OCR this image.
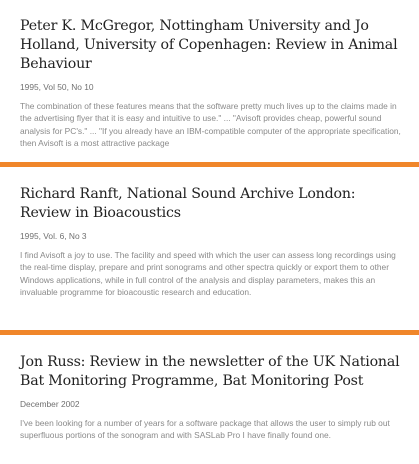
Peter K. McGregor, Nottingham University and Jo Holland, University of Copenhagen: Review in Animal Behaviour

1995, Vol 50, No 10

The combination of these features means that the software pretty much lives up to the claims made in the advertising flyer that it is easy and intuitive to use." ... "Avisoft provides cheap, powerful sound analysis for PC's." ... "If you already have an IBM-compatible computer of the appropriate specification, then Avisoft is a most attractive package

Richard Ranft, National Sound Archive London: Review in Bioacoustics

1995, Vol. 6, No 3

I find Avisoft a joy to use. The facility and speed with which the user can assess long recordings using the real-time display, prepare and print sonograms and other spectra quickly or export them to other Windows applications, while in full control of the analysis and display parameters, makes this an invaluable programme for bioacoustic research and education.

Jon Russ: Review in the newsletter of the UK National Bat Monitoring Programme, Bat Monitoring Post

December 2002

I've been looking for a number of years for a software package that allows the user to simply rub out superfluous portions of the sonogram and with SASLab Pro I have finally found one.
